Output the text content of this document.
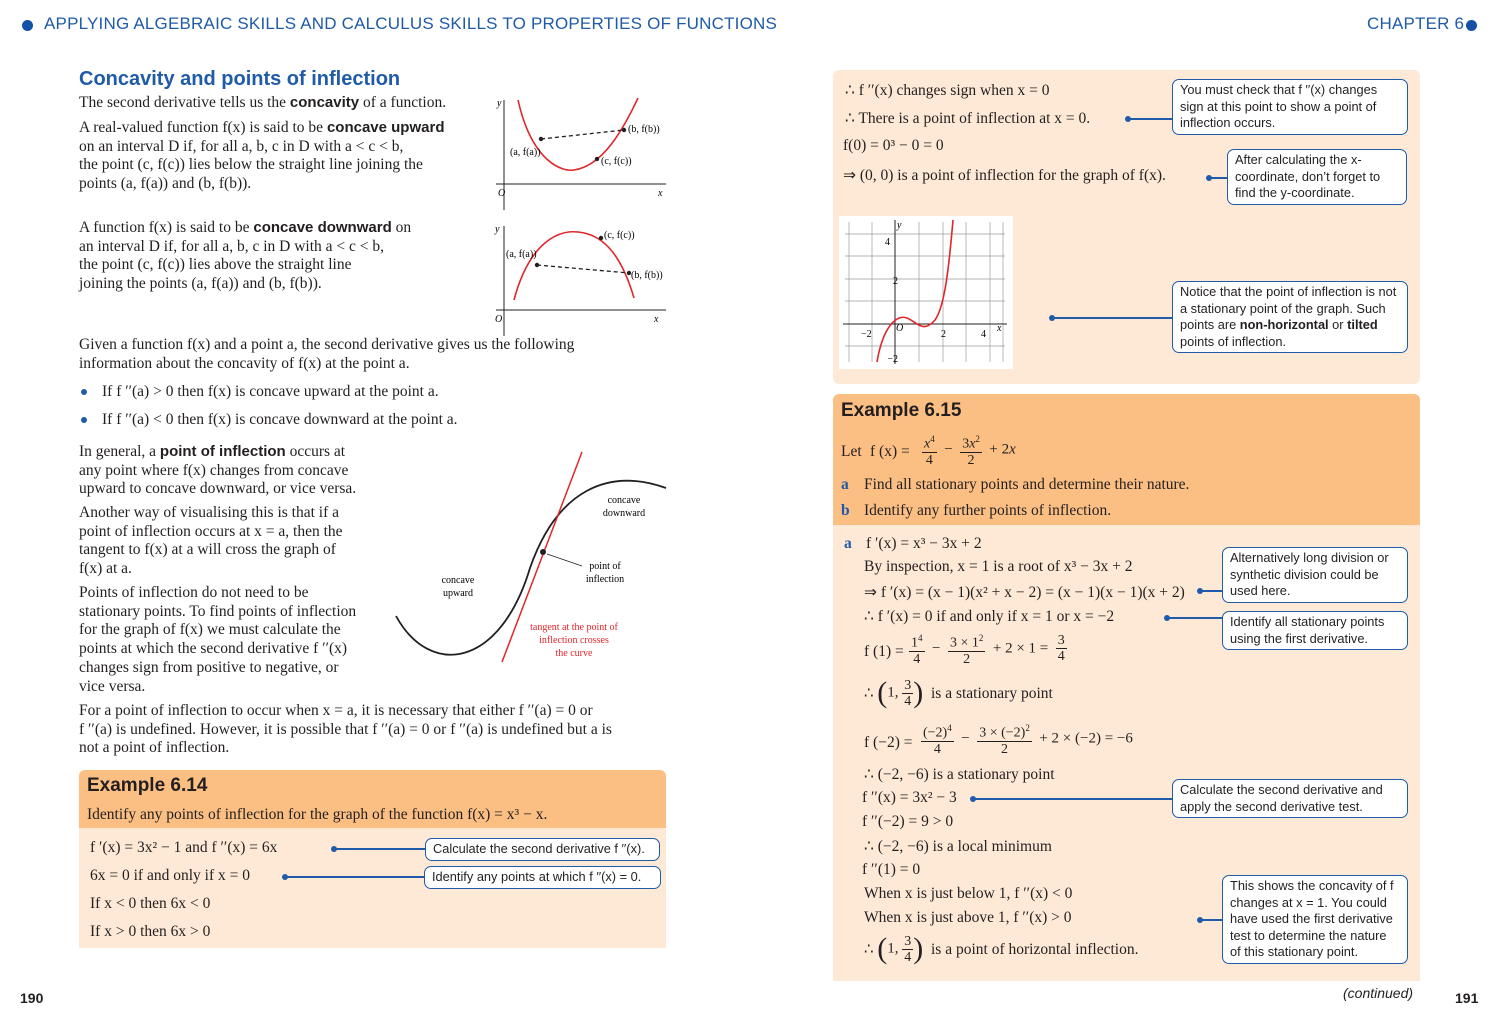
APPLYING ALGEBRAIC SKILLS AND CALCULUS SKILLS TO PROPERTIES OF FUNCTIONS	CHAPTER 6
Concavity and points of inflection
The second derivative tells us the concavity of a function.
A real-valued function f(x) is said to be concave upward
on an interval D if, for all a, b, c in D with a < c < b,
the point (c, f(c)) lies below the straight line joining the
points (a, f(a)) and (b, f(b)).
y
O	x
(a, f(a))
(b, f(b))
(c, f(c))
A function f(x) is said to be concave downward on
an interval D if, for all a, b, c in D with a < c < b,
the point (c, f(c)) lies above the straight line
joining the points (a, f(a)) and (b, f(b)).
y
O	x
(a, f(a))
(b, f(b))
(c, f(c))
Given a function f(x) and a point a, the second derivative gives us the following
information about the concavity of f(x) at the point a.
If f ′′(a) > 0 then f(x) is concave upward at the point a.
If f ′′(a) < 0 then f(x) is concave downward at the point a.
In general, a point of inflection occurs at
any point where f(x) changes from concave
upward to concave downward, or vice versa.
Another way of visualising this is that if a
point of inflection occurs at x = a, then the
tangent to f(x) at a will cross the graph of
f(x) at a.
Points of inflection do not need to be
stationary points. To find points of inflection
for the graph of f(x) we must calculate the
points at which the second derivative f ′′(x)
changes sign from positive to negative, or
vice versa.
concave
downward
concave
upward
point of
inflection
tangent at the point of
inflection crosses
the curve
For a point of inflection to occur when x = a, it is necessary that either f ′′(a) = 0 or
f ′′(a) is undefined. However, it is possible that f ′′(a) = 0 or f ′′(a) is undefined but a is
not a point of inflection.
Example 6.14
Identify any points of inflection for the graph of the function f(x) = x³ − x.
f ′(x) = 3x² − 1 and f ′′(x) = 6x
6x = 0 if and only if x = 0
If x < 0 then 6x < 0
If x > 0 then 6x > 0
Calculate the second derivative f ′′(x).
Identify any points at which f ′′(x) = 0.
190
∴ f ′′(x) changes sign when x = 0
∴ There is a point of inflection at x = 0.
f(0) = 0³ − 0 = 0
⇒ (0, 0) is a point of inflection for the graph of f(x).
You must check that f ′′(x) changes sign at this point to show a point of inflection occurs.
After calculating the x-coordinate, don’t forget to find the y-coordinate.
y
x
O
−2	2	4
4
2
−2
Notice that the point of inflection is not a stationary point of the graph. Such points are non-horizontal or tilted points of inflection.
Example 6.15
Let f $(x) = \frac{x^4}{4} - \frac{3x^2}{2} + 2x$
a Find all stationary points and determine their nature.
b Identify any further points of inflection.
a f ′(x) = x³ − 3x + 2
By inspection, x = 1 is a root of x³ − 3x + 2
⇒ f ′(x) = (x − 1)(x² + x − 2) = (x − 1)(x − 1)(x + 2)
∴ f ′(x) = 0 if and only if x = 1 or x = −2
f $(1) = \frac{1^4}{4} - \frac{3 \times 1^2}{2} + 2 \times 1 = \frac{3}{4}$
∴ (1, $\frac{3}{4}$ ) is a stationary point
f $(-2) = \frac{(-2)^4}{4} - \frac{3 \times (-2)^2}{2} + 2 \times (-2) = -6$
∴ (−2, −6) is a stationary point
f ′′(x) = 3x² − 3
f ′′(−2) = 9 > 0
∴ (−2, −6) is a local minimum
f ′′(1) = 0
When x is just below 1, f ′′(x) < 0
When x is just above 1, f ′′(x) > 0
∴ (1, $\frac{3}{4}$ ) is a point of horizontal inflection.
Alternatively long division or synthetic division could be used here.
Identify all stationary points using the first derivative.
Calculate the second derivative and apply the second derivative test.
This shows the concavity of f changes at x = 1. You could have used the first derivative test to determine the nature of this stationary point.
(continued)	191
